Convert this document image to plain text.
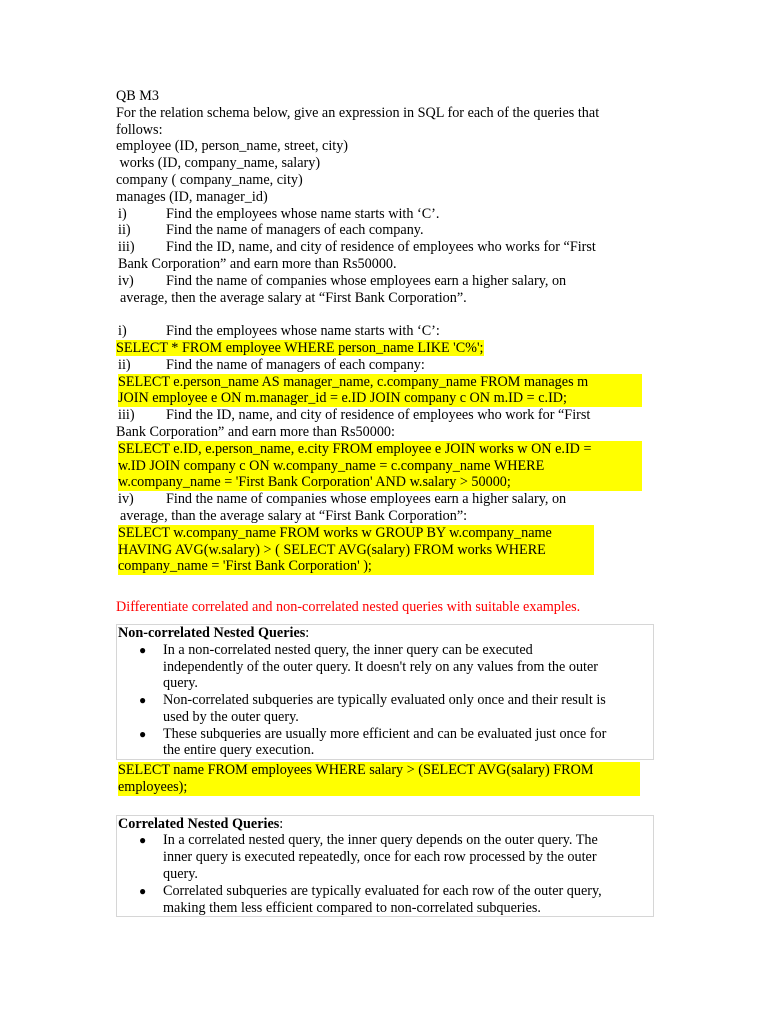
QB M3

For the relation schema below, give an expression in SQL for each of the queries that

follows:

employee (ID, person_name, street, city)

works (ID, company_name, salary)

company ( company_name, city)

manages (ID, manager_id)

i)	Find the employees whose name starts with ‘C’.
ii)	Find the name of managers of each company.
iii)	Find the ID, name, and city of residence of employees who works for “First

Bank Corporation” and earn more than Rs50000.

iv)	Find the name of companies whose employees earn a higher salary, on

average, then the average salary at “First Bank Corporation”.

i)	Find the employees whose name starts with ‘C’:

SELECT * FROM employee WHERE person_name LIKE 'C%';

ii)	Find the name of managers of each company:

SELECT e.person_name AS manager_name, c.company_name FROM manages m

JOIN employee e ON m.manager_id = e.ID JOIN company c ON m.ID = c.ID;

iii)	Find the ID, name, and city of residence of employees who work for “First

Bank Corporation” and earn more than Rs50000:

SELECT e.ID, e.person_name, e.city FROM employee e JOIN works w ON e.ID =

w.ID JOIN company c ON w.company_name = c.company_name WHERE

w.company_name = 'First Bank Corporation' AND w.salary > 50000;

iv)	Find the name of companies whose employees earn a higher salary, on

average, than the average salary at “First Bank Corporation”:

SELECT w.company_name FROM works w GROUP BY w.company_name

HAVING AVG(w.salary) > ( SELECT AVG(salary) FROM works WHERE

company_name = 'First Bank Corporation' );

Differentiate correlated and non-correlated nested queries with suitable examples.

Non-correlated Nested Queries:

● In a non-correlated nested query, the inner query can be executed

independently of the outer query. It doesn't rely on any values from the outer

query.

● Non-correlated subqueries are typically evaluated only once and their result is

used by the outer query.

● These subqueries are usually more efficient and can be evaluated just once for

the entire query execution.

SELECT name FROM employees WHERE salary > (SELECT AVG(salary) FROM

employees);

Correlated Nested Queries:

● In a correlated nested query, the inner query depends on the outer query. The

inner query is executed repeatedly, once for each row processed by the outer

query.

● Correlated subqueries are typically evaluated for each row of the outer query,

making them less efficient compared to non-correlated subqueries.
